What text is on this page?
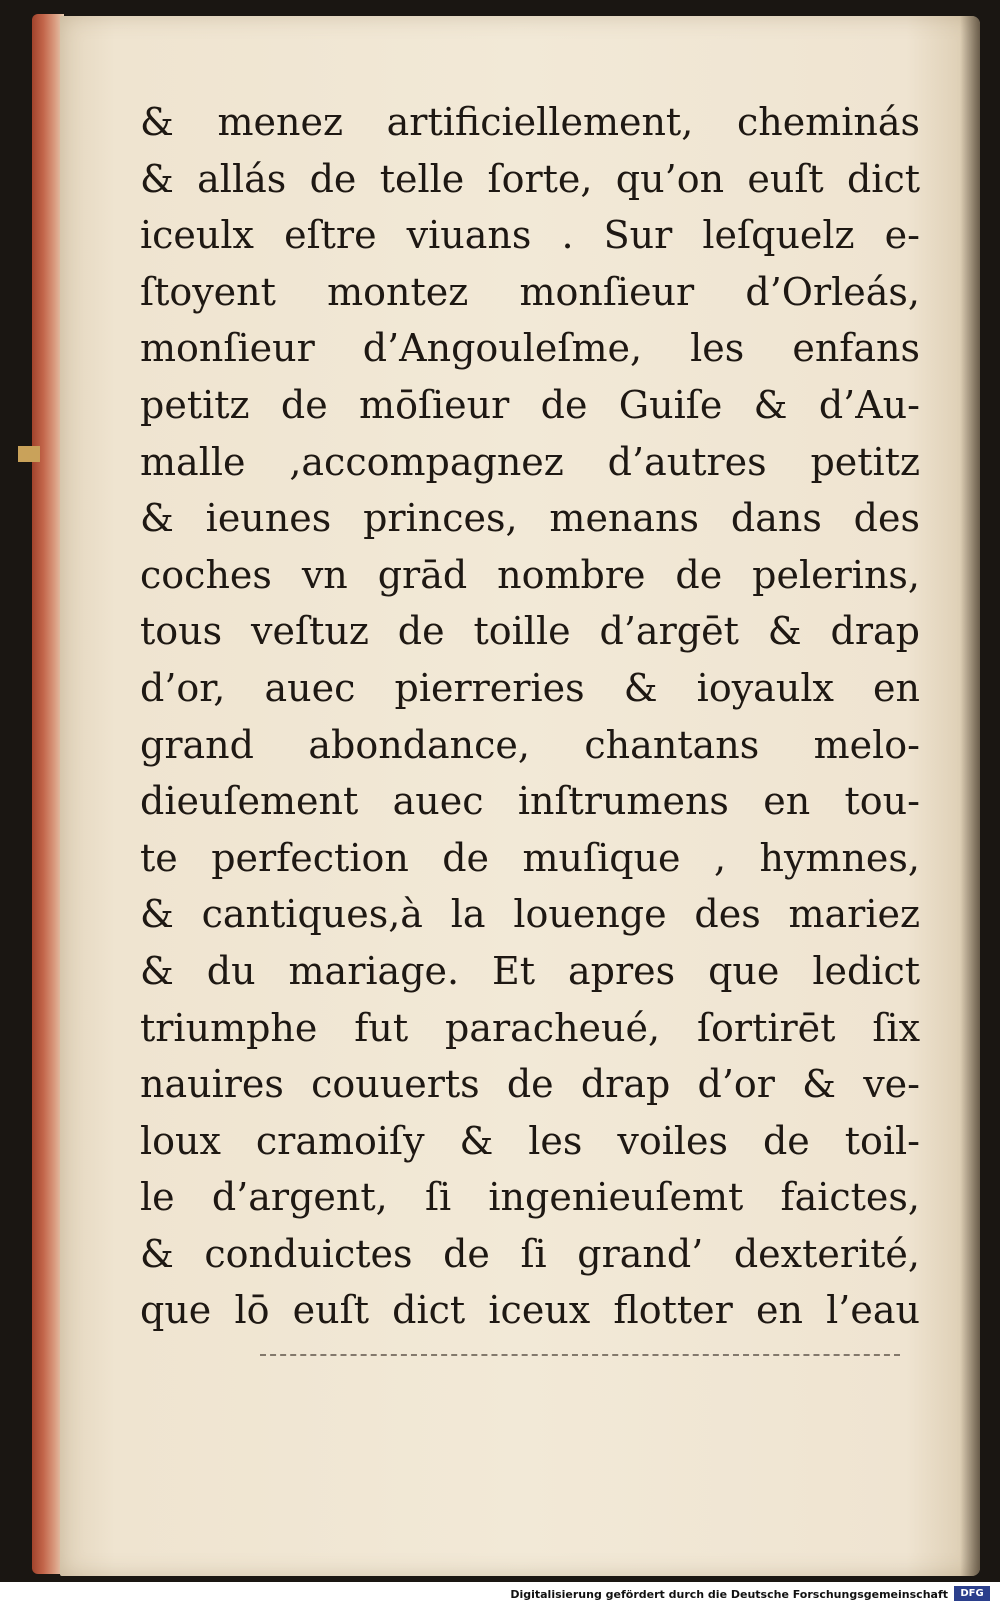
& menez artificiellement, cheminás
& allás de telle ſorte, qu’on euſt dict
iceulx eſtre viuans . Sur leſquelz e-
ſtoyent montez monſieur d’Orleás,
monſieur d’Angouleſme, les enfans
petitz de mōſieur de Guiſe & d’Au-
malle ,accompagnez d’autres petitz
& ieunes princes, menans dans des
coches vn grād nombre de pelerins,
tous veſtuz de toille d’argēt & drap
d’or, auec pierreries & ioyaulx en
grand abondance, chantans melo-
dieuſement auec inſtrumens en tou-
te perfection de muſique , hymnes,
& cantiques,à la louenge des mariez
& du mariage. Et apres que ledict
triumphe fut paracheué, ſortirēt ſix
nauires couuerts de drap d’or & ve-
loux cramoiſy & les voiles de toil-
le d’argent, ſi ingenieuſemt faictes,
& conduictes de ſi grand’ dexterité,
que lō euſt dict iceux flotter en l’eau
Digitalisierung gefördert durch die Deutsche Forschungsgemeinschaft	DFG
